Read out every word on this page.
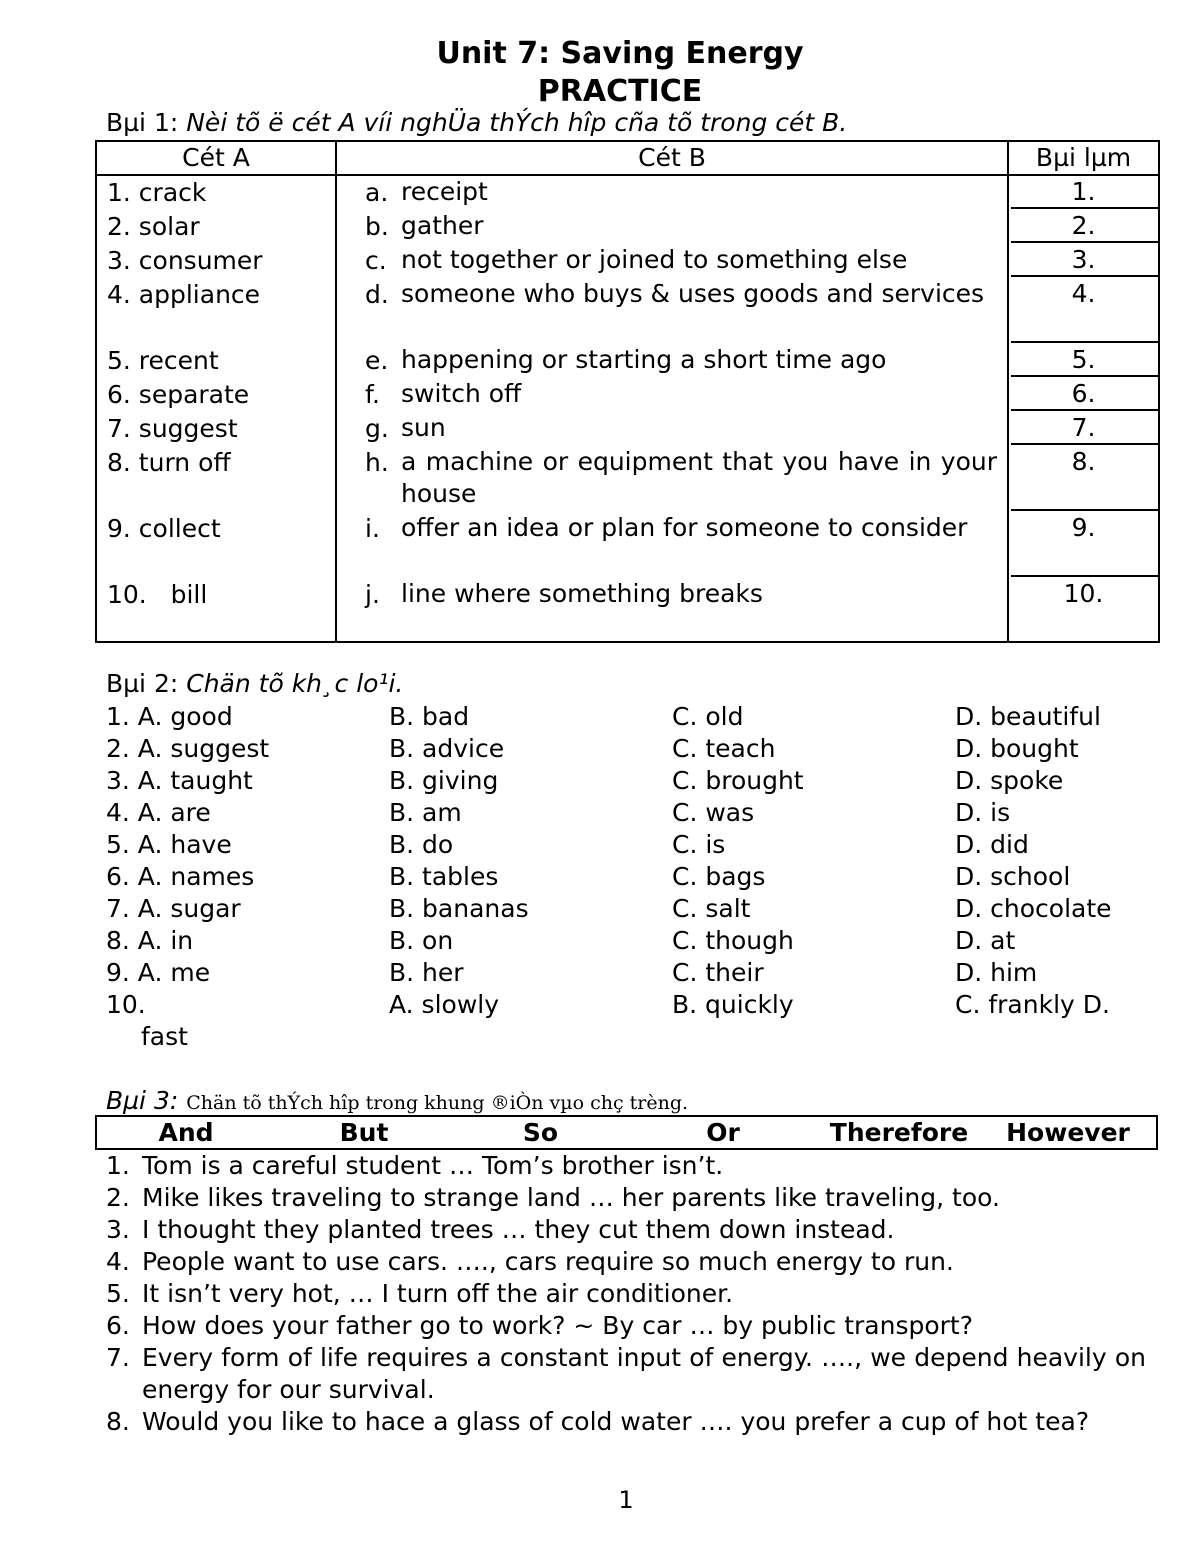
Unit 7: Saving Energy
PRACTICE
Bµi 1: Nèi tõ ë cét A víi nghÜa thÝch hîp cña tõ trong cét B.
Cét A	Cét B	Bµi lµm
1. crack	a. receipt	1.

2. solar	b. gather	2.

3. consumer	c. not together or joined to something else	3.

4. appliance	d. someone who buys & uses goods and services	4.

5. recent	e. happening or starting a short time ago	5.

6. separate	f. switch off	6.

7. suggest	g. sun	7.

8. turn off	h. a machine or equipment that you have in your house	8.

9. collect	i. offer an idea or plan for someone to consider	9.

10.   bill	j. line where something breaks	10.
Bµi 2: Chän tõ kh¸c lo¹i.
1. A. good	B. bad	C. old	D. beautiful
2. A. suggest	B. advice	C. teach	D. bought
3. A. taught	B. giving	C. brought	D. spoke
4. A. are	B. am	C. was	D. is
5. A. have	B. do	C. is	D. did
6. A. names	B. tables	C. bags	D. school
7. A. sugar	B. bananas	C. salt	D. chocolate
8. A. in	B. on	C. though	D. at
9. A. me	B. her	C. their	D. him
10.	A. slowly	B. quickly	C. frankly D.
fast
Bµi 3: Chän tõ thÝch hîp trong khung ®iÒn vµo chç trèng.
And	But	So	Or	Therefore	However
1. Tom is a careful student … Tom’s brother isn’t.
2. Mike likes traveling to strange land … her parents like traveling, too.
3. I thought they planted trees … they cut them down instead.
4. People want to use cars. …., cars require so much energy to run.
5. It isn’t very hot, … I turn off the air conditioner.
6. How does your father go to work? ~ By car … by public transport?
7. Every form of life requires a constant input of energy. …., we depend heavily on energy for our survival.
8. Would you like to hace a glass of cold water …. you prefer a cup of hot tea?
1
